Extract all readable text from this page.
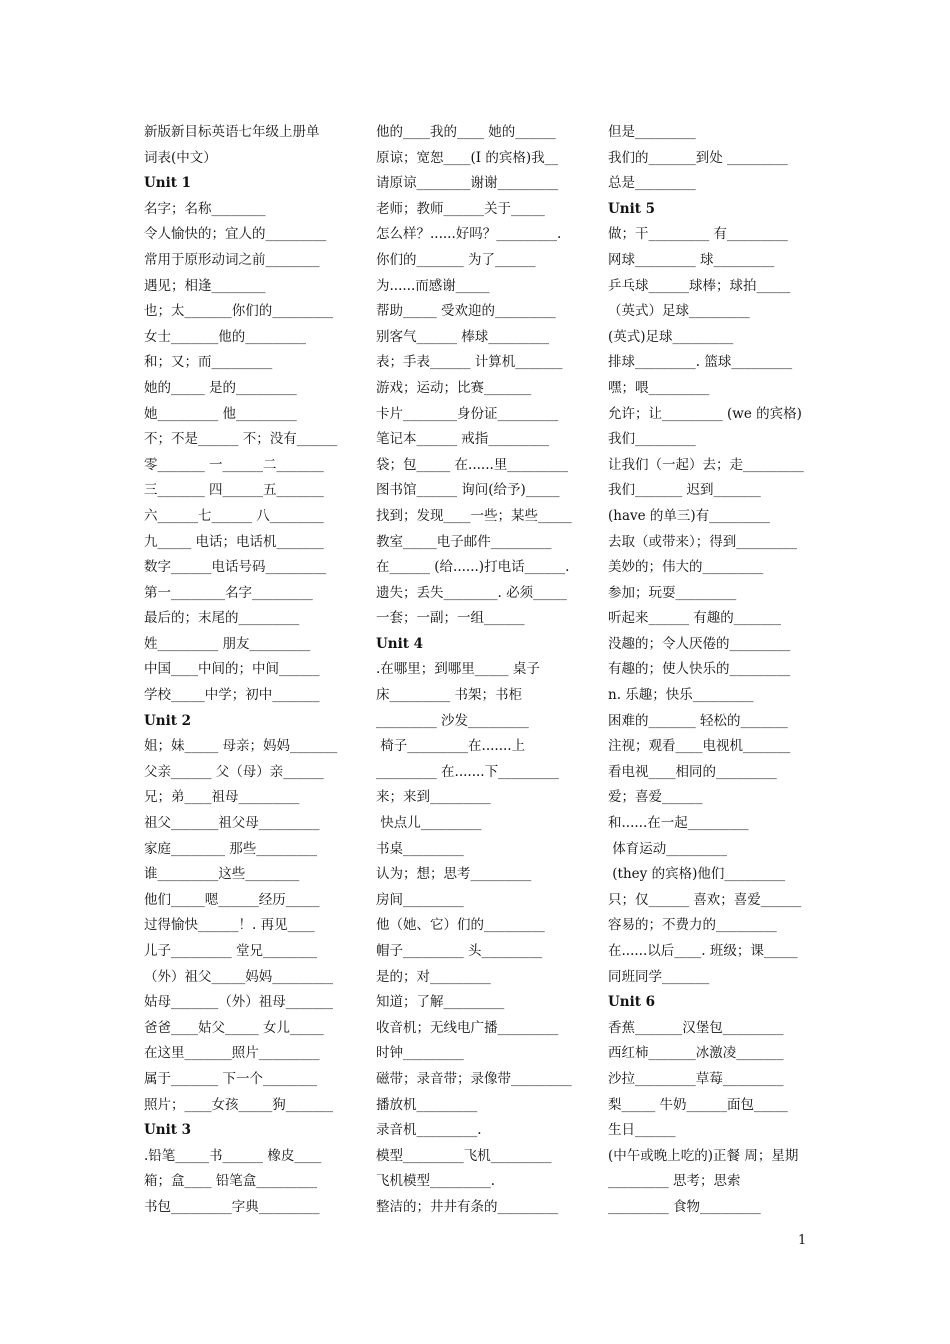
新版新目标英语七年级上册单
词表(中文）
Unit 1
名字；名称________
令人愉快的；宜人的_________
常用于原形动词之前________
遇见；相逢________
也；太_______你们的_________
女士_______他的_________
和；又；而_________
她的_____ 是的_________
她_________ 他_________
不；不是______ 不；没有______
零_______ 一______二_______
三_______ 四______五_______
六______七______ 八________
九_____ 电话；电话机_______
数字______电话号码_________
第一________名字_________
最后的；末尾的_________
姓_________ 朋友_________
中国____中间的；中间______
学校_____中学；初中_______
Unit 2
姐；妹_____ 母亲；妈妈_______
父亲______ 父（母）亲______
兄；弟____祖母_________
祖父_______祖父母_________
家庭________ 那些_________
谁_________这些________
他们_____嗯______经历_____
过得愉快______！. 再见____
儿子_________ 堂兄________
（外）祖父_____妈妈_________
姑母_______（外）祖母_______
爸爸____姑父_____ 女儿_____
在这里_______照片_________
属于_______ 下一个________
照片；____女孩_____狗_______
Unit 3
.铅笔_____书______ 橡皮____
箱；盒____ 铅笔盒_________
书包_________字典_________
他的____我的____ 她的______
原谅；宽恕____(I 的宾格)我__
请原谅________谢谢_________
老师；教师______关于_____
怎么样？......好吗？_________.
你们的_______ 为了______
为......而感谢_____
帮助_____ 受欢迎的_________
别客气______ 棒球_________
表；手表______ 计算机_______
游戏；运动；比赛_______
卡片________身份证_________
笔记本______ 戒指_________
袋；包_____ 在......里_________
图书馆______ 询问(给予)_____
找到；发现____一些；某些_____
教室_____电子邮件_________
在______ (给......)打电话______.
遗失；丢失________. 必须_____
一套；一副；一组______
Unit 4
.在哪里；到哪里_____ 桌子
床_________ 书架；书柜
_________ 沙发_________
椅子_________在.......上
_________ 在.......下_________
来；来到_________
快点儿_________
书桌_________
认为；想；思考_________
房间_________
他（她、它）们的_________
帽子_________ 头_________
是的；对_________
知道；了解_________
收音机；无线电广播_________
时钟_________
磁带；录音带；录像带_________
播放机_________
录音机_________.
模型_________飞机_________
飞机模型_________.
整洁的；井井有条的_________
但是_________
我们的_______到处 _________
总是_________
Unit 5
做；干_________ 有_________
网球_________ 球_________
乒乓球______球棒；球拍_____
（英式）足球_________
(英式)足球_________
排球_________. 篮球_________
嘿；喂_________
允许；让_________ (we 的宾格)
我们_________
让我们（一起）去；走_________
我们_______ 迟到_______
(have 的单三)有_________
去取（或带来）；得到_________
美妙的；伟大的_________
参加；玩耍_________
听起来______ 有趣的_______
没趣的；令人厌倦的_________
有趣的；使人快乐的_________
n. 乐趣；快乐_________
困难的_______ 轻松的_______
注视；观看____电视机_______
看电视____相同的_________
爱；喜爱______
和......在一起_________
体育运动_________
(they 的宾格)他们_________
只；仅______ 喜欢；喜爱______
容易的；不费力的_________
在......以后____. 班级；课_____
同班同学_______
Unit 6
香蕉_______汉堡包_________
西红柿_______冰激凌_______
沙拉_________草莓_________
梨_____ 牛奶______面包_____
生日______
(中午或晚上吃的)正餐 周；星期
_________ 思考；思索
_________ 食物_________
1
